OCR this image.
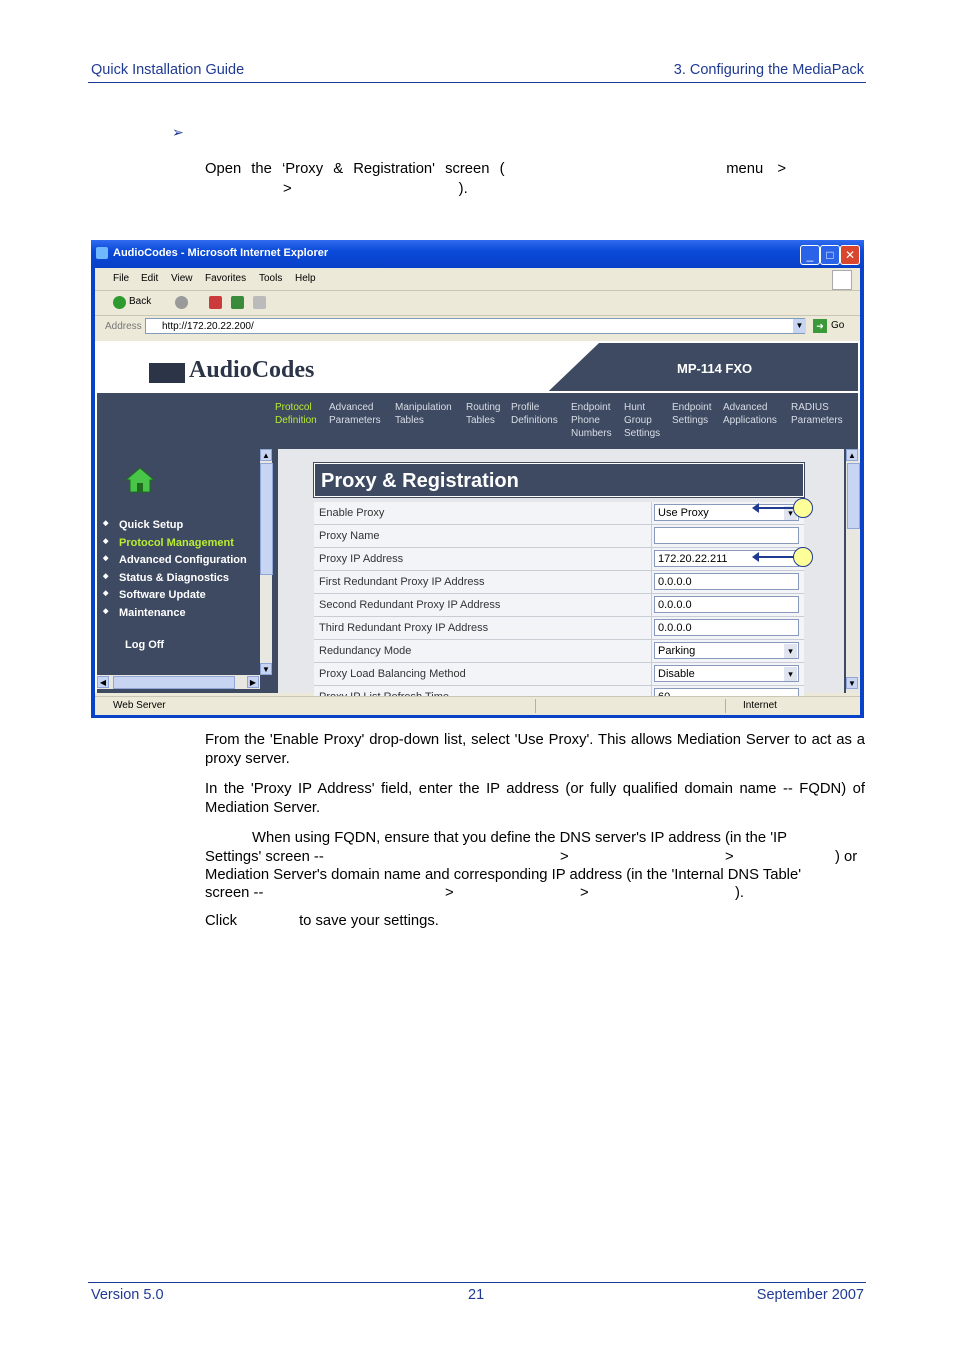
Quick Installation Guide	3. Configuring the MediaPack
➢
Open the ‘Proxy & Registration' screen (	menu >
>	).
AudioCodes - Microsoft Internet Explorer	_	□ ✕
File Edit View Favorites Tools Help
Back
Address	http://172.20.22.200/	▼	➜ Go
AudioCodes	MP-114 FXO
Protocol
Definition
Advanced
Parameters
Manipulation
Tables
Routing
Tables
Profile
Definitions
Endpoint
Phone
Numbers
Hunt
Group
Settings
Endpoint
Settings
Advanced
Applications
RADIUS
Parameters
◆ Quick Setup
◆ Protocol Management
◆ Advanced Configuration
◆ Status & Diagnostics
◆ Software Update
◆ Maintenance
Log Off
▲
▼
◀	▶
Proxy & Registration
Enable Proxy	Use Proxy ▾
Proxy Name
Proxy IP Address	172.20.22.211
First Redundant Proxy IP Address	0.0.0.0
Second Redundant Proxy IP Address	0.0.0.0
Third Redundant Proxy IP Address	0.0.0.0
Redundancy Mode	Parking ▾
Proxy Load Balancing Method	Disable ▾
▲
▼
Web Server	Internet
From the 'Enable Proxy' drop-down list, select 'Use Proxy'. This allows Mediation Server to act as a proxy server.
In the 'Proxy IP Address' field, enter the IP address (or fully qualified domain name -- FQDN) of Mediation Server.
When using FQDN, ensure that you define the DNS server's IP address (in the 'IP
>	>	) or
Settings' screen --
Mediation Server's domain name and corresponding IP address (in the 'Internal DNS Table'
>	>	).
screen --
Click	to save your settings.
Version 5.0	21	September 2007
